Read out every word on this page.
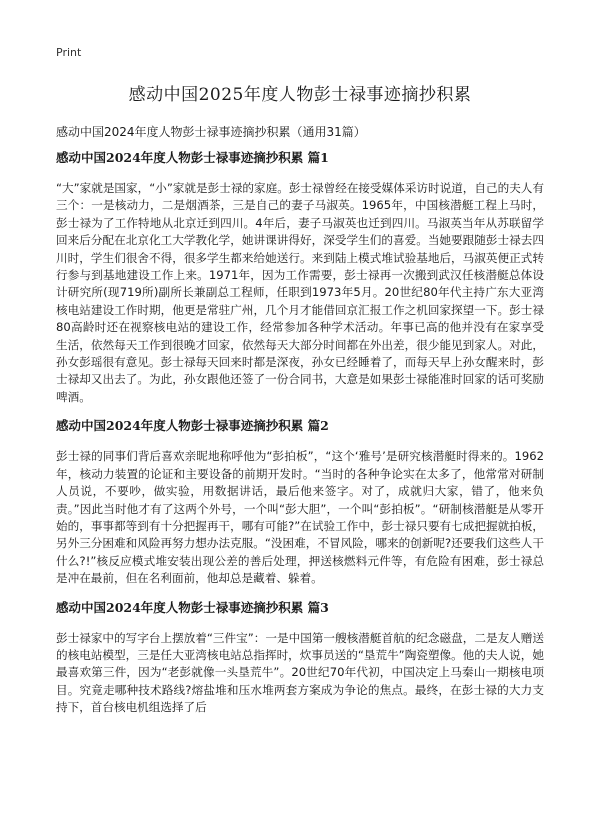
Print
感动中国2025年度人物彭士禄事迹摘抄积累

感动中国2024年度人物彭士禄事迹摘抄积累（通用31篇）

感动中国2024年度人物彭士禄事迹摘抄积累 篇1

“大”家就是国家，“小”家就是彭士禄的家庭。彭士禄曾经在接受媒体采访时说道，自己的夫人有三个：一是核动力，二是烟酒茶，三是自己的妻子马淑英。1965年，中国核潜艇工程上马时，彭士禄为了工作特地从北京迁到四川。4年后，妻子马淑英也迁到四川。马淑英当年从苏联留学回来后分配在北京化工大学教化学，她讲课讲得好，深受学生们的喜爱。当她要跟随彭士禄去四川时，学生们很舍不得，很多学生都来给她送行。来到陆上模式堆试验基地后，马淑英便正式转行参与到基地建设工作上来。1971年，因为工作需要，彭士禄再一次搬到武汉任核潜艇总体设计研究所(现719所)副所长兼副总工程师，任职到1973年5月。20世纪80年代主持广东大亚湾核电站建设工作时期，他更是常驻广州，几个月才能借回京汇报工作之机回家探望一下。彭士禄80高龄时还在视察核电站的建设工作，经常参加各种学术活动。年事已高的他并没有在家享受生活，依然每天工作到很晚才回家，依然每天大部分时间都在外出差，很少能见到家人。对此，孙女彭瑶很有意见。彭士禄每天回来时都是深夜，孙女已经睡着了，而每天早上孙女醒来时，彭士禄却又出去了。为此，孙女跟他还签了一份合同书，大意是如果彭士禄能准时回家的话可奖励啤酒。

感动中国2024年度人物彭士禄事迹摘抄积累 篇2

彭士禄的同事们背后喜欢亲昵地称呼他为“彭拍板”，“这个‘雅号’是研究核潜艇时得来的。1962年，核动力装置的论证和主要设备的前期开发时。“当时的各种争论实在太多了，他常常对研制人员说，不要吵，做实验，用数据讲话，最后他来签字。对了，成就归大家，错了，他来负责。”因此当时他才有了这两个外号，一个叫“彭大胆”，一个叫“彭拍板”。“研制核潜艇是从零开始的，事事都等到有十分把握再干，哪有可能?”在试验工作中，彭士禄只要有七成把握就拍板，另外三分困难和风险再努力想办法克服。“没困难，不冒风险，哪来的创新呢?还要我们这些人干什么?!”核反应模式堆安装出现公差的善后处理，押送核燃料元件等，有危险有困难，彭士禄总是冲在最前，但在名利面前，他却总是藏着、躲着。

感动中国2024年度人物彭士禄事迹摘抄积累 篇3

彭士禄家中的写字台上摆放着“三件宝”：一是中国第一艘核潜艇首航的纪念磁盘，二是友人赠送的核电站模型，三是任大亚湾核电站总指挥时，炊事员送的“垦荒牛”陶瓷塑像。他的夫人说，她最喜欢第三件，因为“老彭就像一头垦荒牛”。20世纪70年代初，中国决定上马秦山一期核电项目。究竟走哪种技术路线?熔盐堆和压水堆两套方案成为争论的焦点。最终，在彭士禄的大力支持下，首台核电机组选择了后
